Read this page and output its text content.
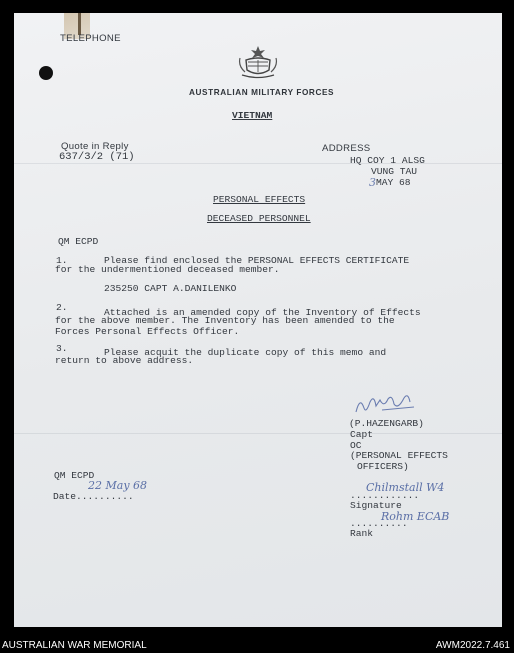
TELEPHONE
AUSTRALIAN MILITARY FORCES
VIETNAM
Quote in Reply
637/3/2 (71)
ADDRESS
HQ COY 1 ALSG
VUNG TAU
3 MAY 68
PERSONAL EFFECTS
DECEASED PERSONNEL
QM ECPD
1.	Please find enclosed the PERSONAL EFFECTS CERTIFICATE
for the undermentioned deceased member.
235250 CAPT A.DANILENKO
2.	Attached is an amended copy of the Inventory of Effects
for the above member. The Inventory has been amended to the
Forces Personal Effects Officer.
3.	Please acquit the duplicate copy of this memo and
return to above address.
(P.HAZENGARB)
Capt
OC
(PERSONAL EFFECTS
OFFICERS)
QM ECPD
22 May 68
Date..........
Chilmstall W4
............
Signature
Rohm ECAB
..........
Rank
AUSTRALIAN WAR MEMORIAL	AWM2022.7.461
